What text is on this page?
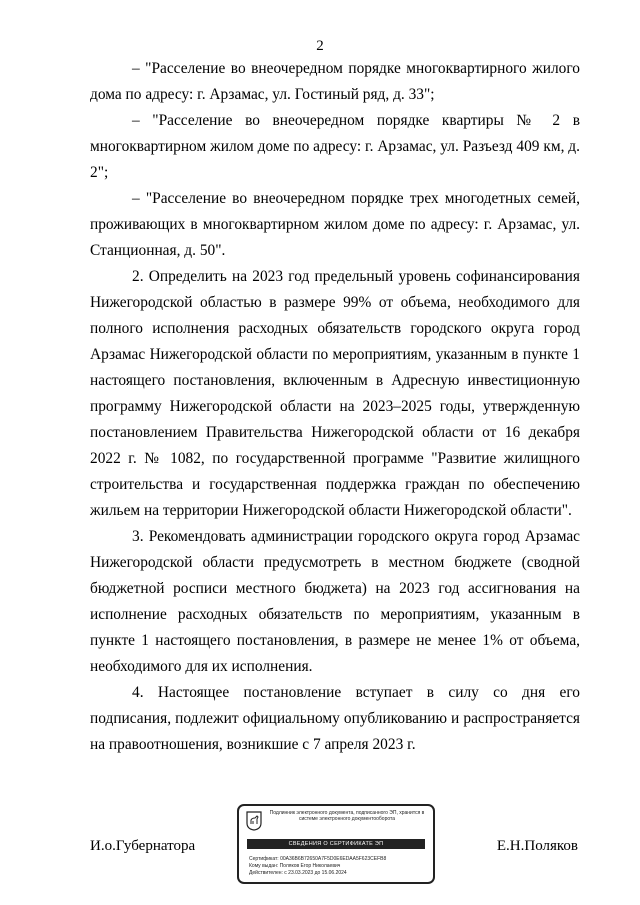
2

– "Расселение во внеочередном порядке многоквартирного жилого дома по адресу: г. Арзамас, ул. Гостиный ряд, д. 33";

– "Расселение во внеочередном порядке квартиры № 2 в многоквартирном жилом доме по адресу: г. Арзамас, ул. Разъезд 409 км, д. 2";

– "Расселение во внеочередном порядке трех многодетных семей, проживающих в многоквартирном жилом доме по адресу: г. Арзамас, ул. Станционная, д. 50".

2. Определить на 2023 год предельный уровень софинансирования Нижегородской областью в размере 99% от объема, необходимого для полного исполнения расходных обязательств городского округа город Арзамас Нижегородской области по мероприятиям, указанным в пункте 1 настоящего постановления, включенным в Адресную инвестиционную программу Нижегородской области на 2023–2025 годы, утвержденную постановлением Правительства Нижегородской области от 16 декабря 2022 г. № 1082, по государственной программе "Развитие жилищного строительства и государственная поддержка граждан по обеспечению жильем на территории Нижегородской области Нижегородской области".

3. Рекомендовать администрации городского округа город Арзамас Нижегородской области предусмотреть в местном бюджете (сводной бюджетной росписи местного бюджета) на 2023 год ассигнования на исполнение расходных обязательств по мероприятиям, указанным в пункте 1 настоящего постановления, в размере не менее 1% от объема, необходимого для их исполнения.

4. Настоящее постановление вступает в силу со дня его подписания, подлежит официальному опубликованию и распространяется на правоотношения, возникшие с 7 апреля 2023 г.

И.о.Губернатора	Е.Н.Поляков
Подлинник электронного документа, подписанного ЭП, хранится в системе электронного документооборота
СВЕДЕНИЯ О СЕРТИФИКАТЕ ЭП
Сертификат: 00A36B6B72650A7F5D0E6EDAA5F623CEFB8
Кому выдан: Поляков Егор Николаевич
Действителен: с 23.03.2023 до 15.06.2024
